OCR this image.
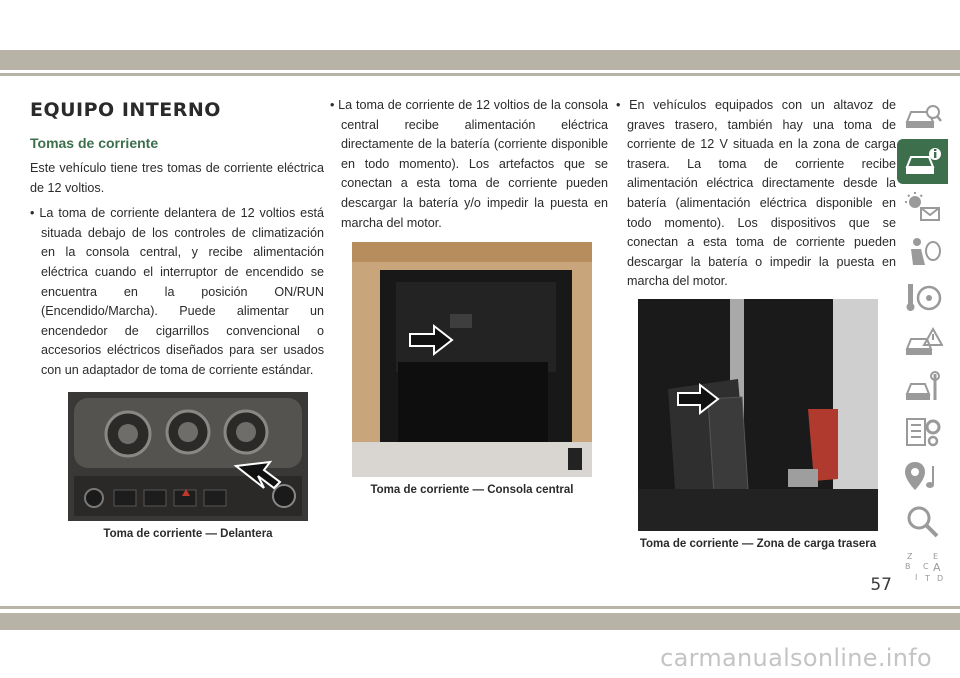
EQUIPO INTERNO
Tomas de corriente
Este vehículo tiene tres tomas de corriente eléctrica de 12 voltios.
• La toma de corriente delantera de 12 voltios está situada debajo de los controles de climatización en la consola central, y recibe alimentación eléctrica cuando el interruptor de encendido se encuentra en la posición ON/RUN (Encendido/Marcha). Puede alimentar un encendedor de cigarrillos convencional o accesorios eléctricos diseñados para ser usados con un adaptador de toma de corriente estándar.
Toma de corriente — Delantera
• La toma de corriente de 12 voltios de la consola central recibe alimentación eléctrica directamente de la batería (corriente disponible en todo momento). Los artefactos que se conectan a esta toma de corriente pueden descargar la batería y/o impedir la puesta en marcha del motor.
Toma de corriente — Consola central
• En vehículos equipados con un altavoz de graves trasero, también hay una toma de corriente de 12 V situada en la zona de carga trasera. La toma de corriente recibe alimentación eléctrica directamente desde la batería (alimentación eléctrica disponible en todo momento). Los dispositivos que se conectan a esta toma de corriente pueden descargar la batería o impedir la puesta en marcha del motor.
Toma de corriente — Zona de carga trasera
Z	E
B C A
I T D
57
carmanualsonline.info
